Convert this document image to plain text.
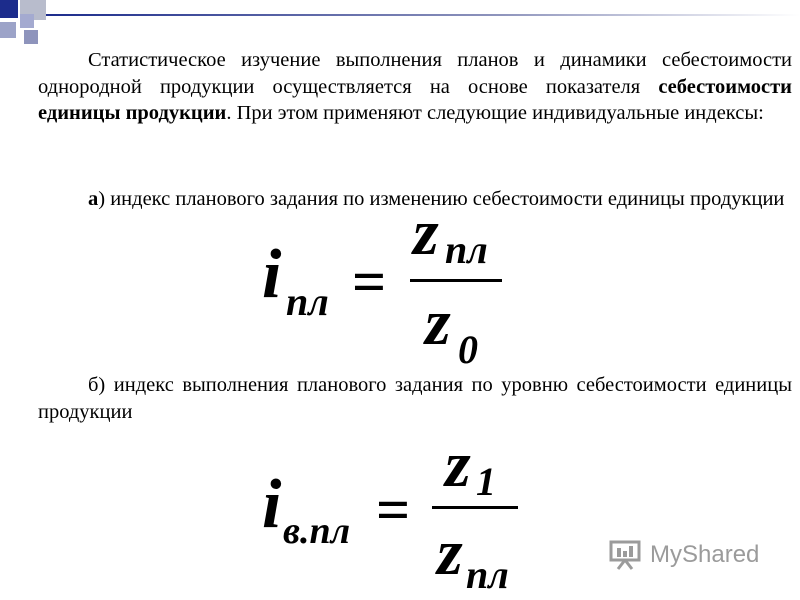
Статистическое изучение выполнения планов и динамики себестоимости однородной продукции осуществляется на основе показателя себестоимости единицы продукции. При этом применяют следующие индивидуальные индексы:
а) индекс планового задания по изменению себестоимости единицы продукции
i пл =
z пл
z 0
б) индекс выполнения планового задания по уровню себестоимости единицы продукции
i в.пл =
z 1
z пл	MyShared
